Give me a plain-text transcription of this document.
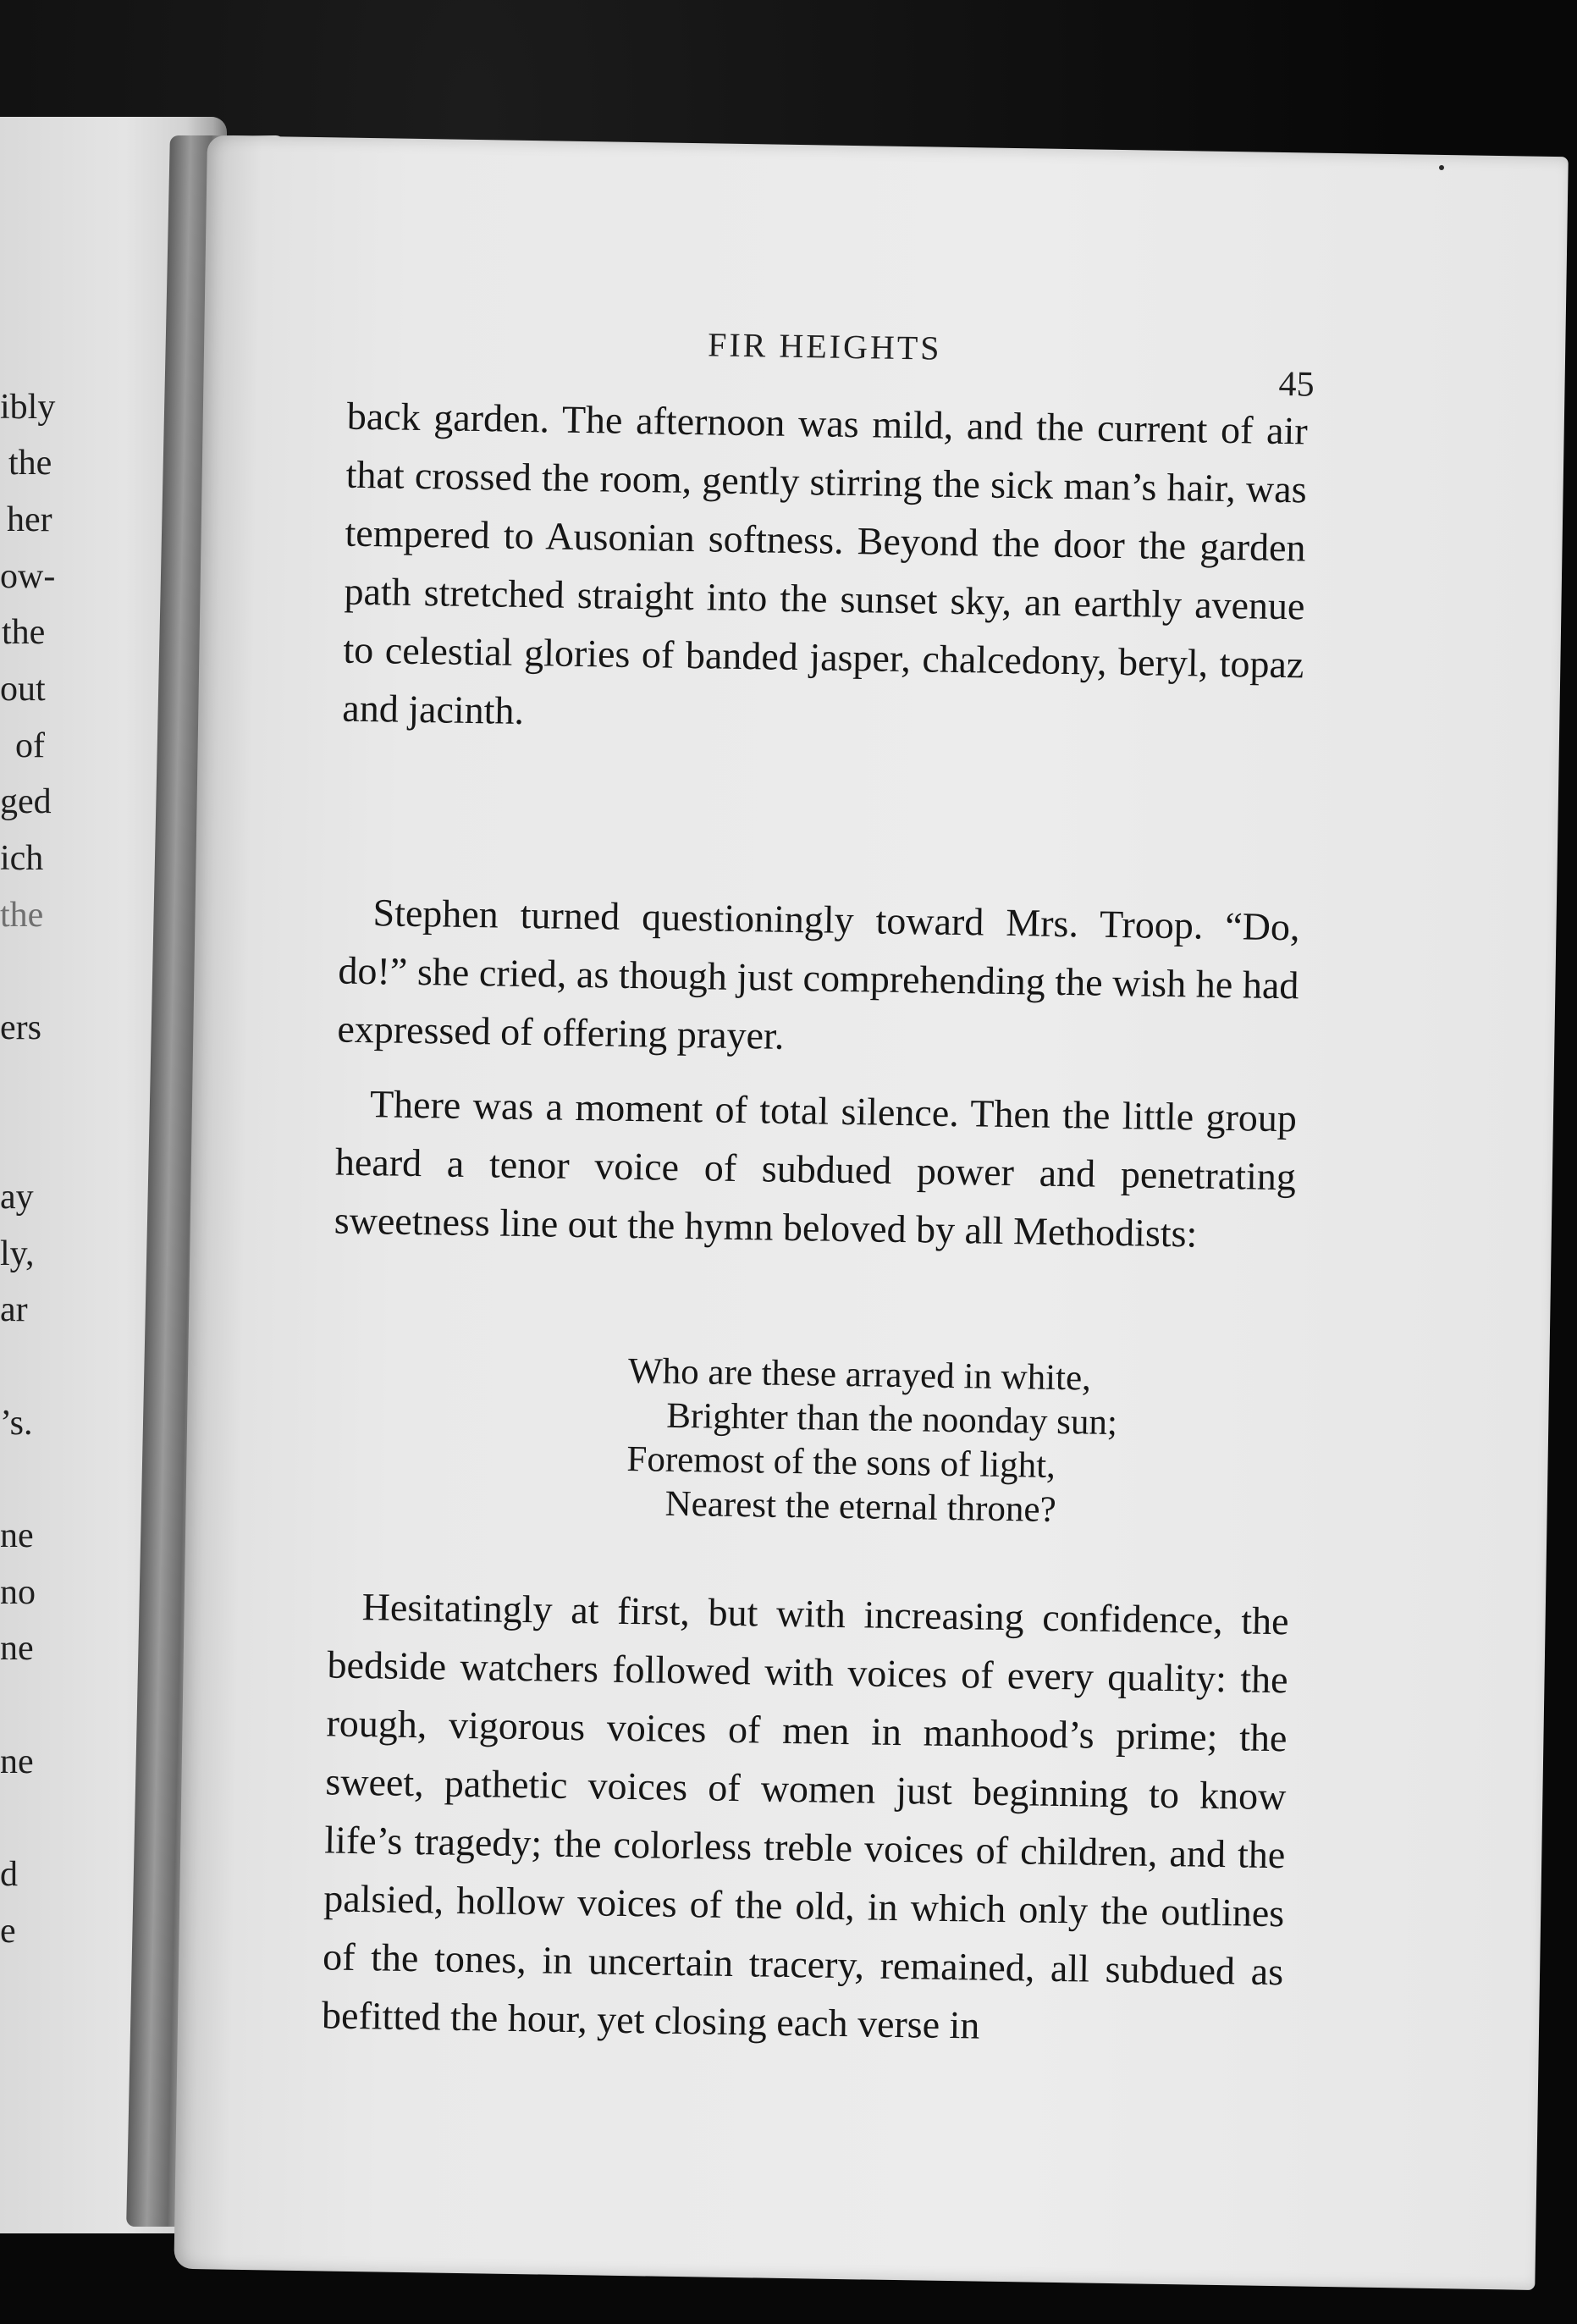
ibly
the
her
ow-
the
out
of
ged
ich
the
ers
ay
ly,
ar
’s.
ne
no
ne
ne
d
e
FIR HEIGHTS
45

back garden. The afternoon was mild, and the current of air that crossed the room, gently stirring the sick man’s hair, was tempered to Ausonian softness. Beyond the door the garden path stretched straight into the sunset sky, an earthly avenue to celestial glories of banded jasper, chalcedony, beryl, topaz and jacinth.

Stephen turned questioningly toward Mrs. Troop. “Do, do!” she cried, as though just comprehending the wish he had expressed of offering prayer.

There was a moment of total silence. Then the little group heard a tenor voice of subdued power and penetrating sweetness line out the hymn beloved by all Methodists:

Who are these arrayed in white,
Brighter than the noonday sun;
Foremost of the sons of light,
Nearest the eternal throne?

Hesitatingly at first, but with increasing confidence, the bedside watchers followed with voices of every quality: the rough, vigorous voices of men in manhood’s prime; the sweet, pathetic voices of women just beginning to know life’s tragedy; the colorless treble voices of children, and the palsied, hollow voices of the old, in which only the outlines of the tones, in uncertain tracery, remained, all subdued as befitted the hour, yet closing each verse in
